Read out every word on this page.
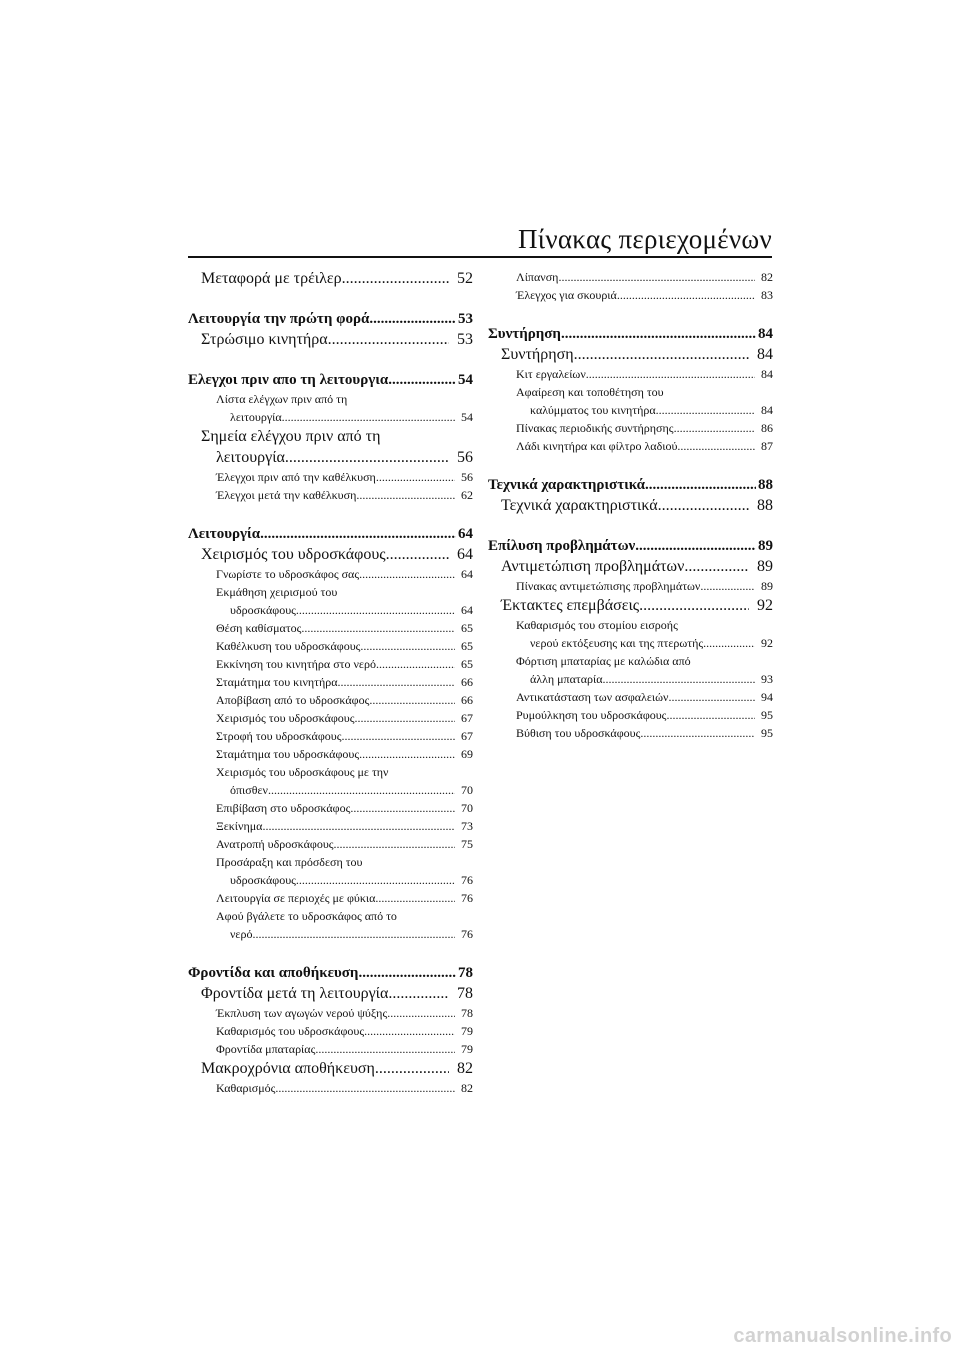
Πίνακας περιεχομένων
Μεταφορά με τρέιλερ .....	52
Λειτουργία την πρώτη φορά .....	53
Στρώσιμο κινητήρα .....	53
Ελεγχοι πριν απο τη λειτουργια .....	54
Λίστα ελέγχων πριν από τη
λειτουργία .....	54
Σημεία ελέγχου πριν από τη
λειτουργία .....	56
Έλεγχοι πριν από την καθέλκυση .....	56
Έλεγχοι μετά την καθέλκυση .....	62
Λειτουργία .....	64
Χειρισμός του υδροσκάφους .....	64
Γνωρίστε το υδροσκάφος σας .....	64
Εκμάθηση χειρισμού του
υδροσκάφους .....	64
Θέση καθίσματος .....	65
Καθέλκυση του υδροσκάφους .....	65
Εκκίνηση του κινητήρα στο νερό .....	65
Σταμάτημα του κινητήρα .....	66
Αποβίβαση από το υδροσκάφος .....	66
Χειρισμός του υδροσκάφους .....	67
Στροφή του υδροσκάφους .....	67
Σταμάτημα του υδροσκάφους .....	69
Χειρισμός του υδροσκάφους με την
όπισθεν .....	70
Επιβίβαση στο υδροσκάφος .....	70
Ξεκίνημα .....	73
Ανατροπή υδροσκάφους .....	75
Προσάραξη και πρόσδεση του
υδροσκάφους .....	76
Λειτουργία σε περιοχές με φύκια .....	76
Αφού βγάλετε το υδροσκάφος από το
νερό .....	76
Φροντίδα και αποθήκευση .....	78
Φροντίδα μετά τη λειτουργία .....	78
Έκπλυση των αγωγών νερού ψύξης .....	78
Καθαρισμός του υδροσκάφους .....	79
Φροντίδα μπαταρίας .....	79
Μακροχρόνια αποθήκευση .....	82
Καθαρισμός .....	82
Λίπανση .....	82
Έλεγχος για σκουριά .....	83
Συντήρηση .....	84
Συντήρηση .....	84
Κιτ εργαλείων .....	84
Αφαίρεση και τοποθέτηση του
καλύμματος του κινητήρα .....	84
Πίνακας περιοδικής συντήρησης .....	86
Λάδι κινητήρα και φίλτρο λαδιού .....	87
Τεχνικά χαρακτηριστικά .....	88
Τεχνικά χαρακτηριστικά .....	88
Επίλυση προβλημάτων .....	89
Αντιμετώπιση προβλημάτων .....	89
Πίνακας αντιμετώπισης προβλημάτων .....	89
Έκτακτες επεμβάσεις .....	92
Καθαρισμός του στομίου εισροής
νερού εκτόξευσης και της πτερωτής .....	92
Φόρτιση μπαταρίας με καλώδια από
άλλη μπαταρία .....	93
Αντικατάσταση των ασφαλειών .....	94
Ρυμούλκηση του υδροσκάφους .....	95
Βύθιση του υδροσκάφους .....	95
carmanualsonline.info
